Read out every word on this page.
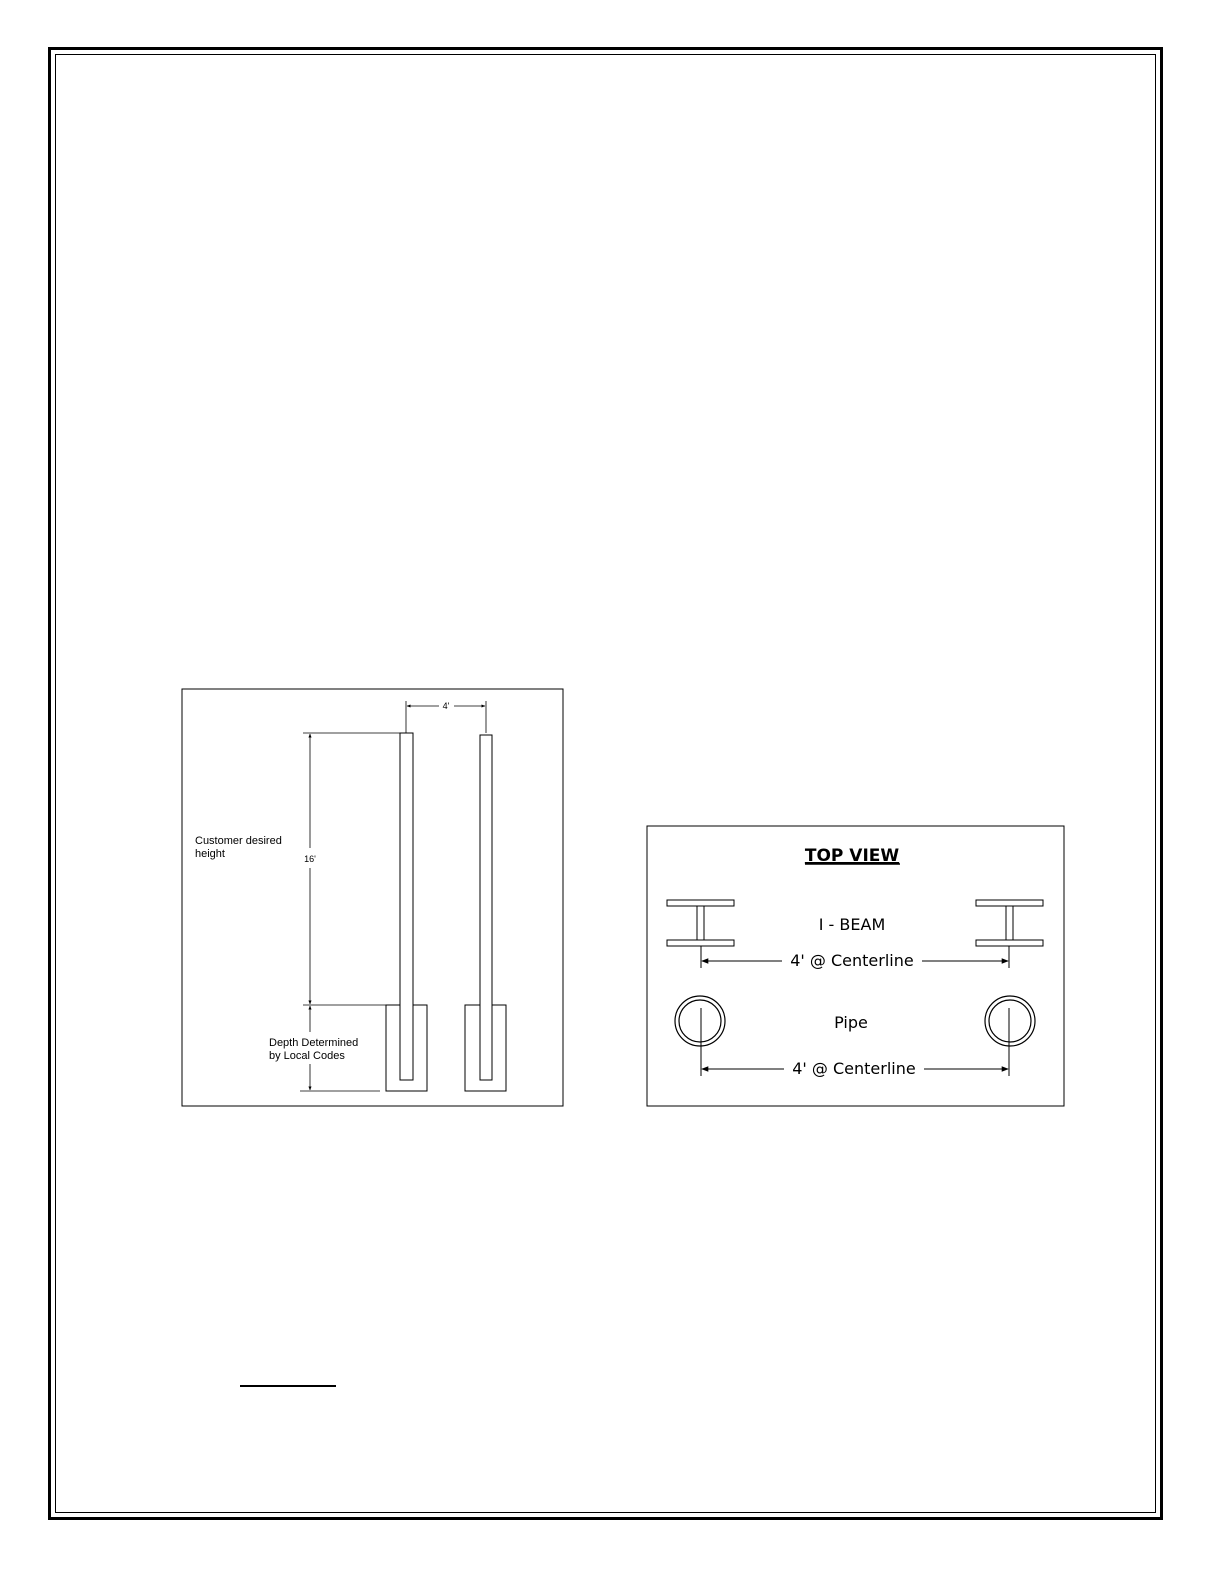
4'
16'
Customer desired
height
Depth Determined
by Local Codes
TOP VIEW
I - BEAM
4' @ Centerline
Pipe
4' @ Centerline
